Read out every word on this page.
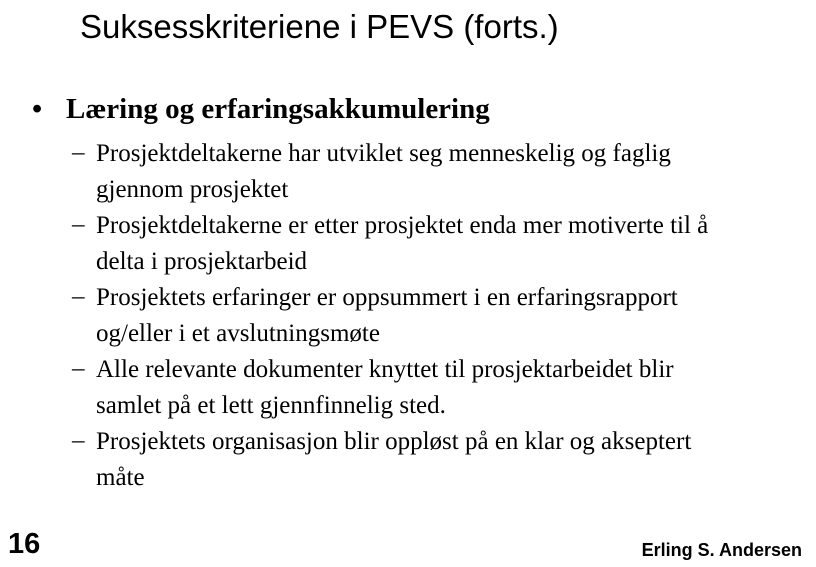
Suksesskriteriene i PEVS (forts.)
• Læring og erfaringsakkumulering
– Prosjektdeltakerne har utviklet seg menneskelig og faglig
gjennom prosjektet
– Prosjektdeltakerne er etter prosjektet enda mer motiverte til å
delta i prosjektarbeid
– Prosjektets erfaringer er oppsummert i en erfaringsrapport
og/eller i et avslutningsmøte
– Alle relevante dokumenter knyttet til prosjektarbeidet blir
samlet på et lett gjennfinnelig sted.
– Prosjektets organisasjon blir oppløst på en klar og akseptert
måte
16	Erling S. Andersen
